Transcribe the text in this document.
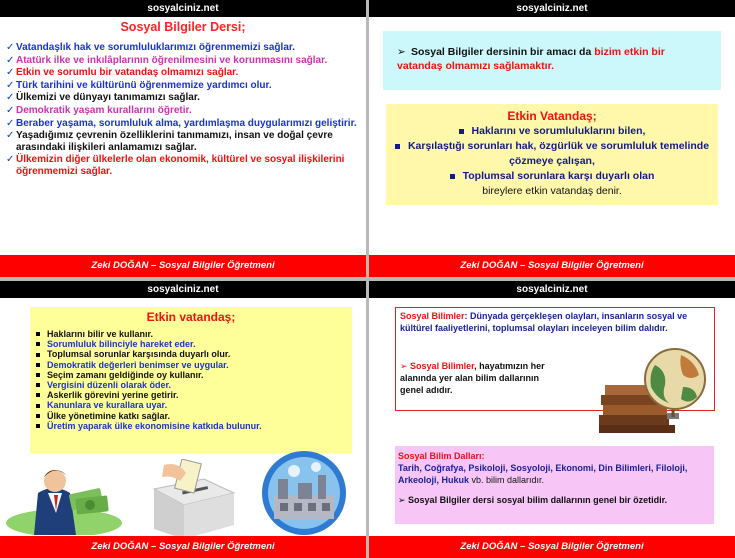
sosyalciniz.net
Sosyal Bilgiler Dersi;
✓ Vatandaşlık hak ve sorumluluklarımızı öğrenmemizi sağlar.
✓ Atatürk ilke ve inkılâplarının öğrenilmesini ve korunmasını sağlar.
✓ Etkin ve sorumlu bir vatandaş olmamızı sağlar.
✓ Türk tarihini ve kültürünü öğrenmemize yardımcı olur.
✓ Ülkemizi ve dünyayı tanımamızı sağlar.
✓ Demokratik yaşam kurallarını öğretir.
✓ Beraber yaşama, sorumluluk alma, yardımlaşma duygularımızı geliştirir.
✓ Yaşadığımız çevrenin özelliklerini tanımamızı, insan ve doğal çevre arasındaki ilişkileri anlamamızı sağlar.
✓ Ülkemizin diğer ülkelerle olan ekonomik, kültürel ve sosyal ilişkilerini öğrenmemizi sağlar.
Zeki DOĞAN – Sosyal Bilgiler Öğretmeni
sosyalciniz.net
➢ Sosyal Bilgiler dersinin bir amacı da bizim etkin bir vatandaş olmamızı sağlamaktır.
Etkin Vatandaş;
Haklarını ve sorumluluklarını bilen,
Karşılaştığı sorunları hak, özgürlük ve sorumluluk temelinde çözmeye çalışan,
Toplumsal sorunlara karşı duyarlı olan
bireylere etkin vatandaş denir.
Zeki DOĞAN – Sosyal Bilgiler Öğretmeni
sosyalciniz.net
Etkin vatandaş;
Haklarını bilir ve kullanır.
Sorumluluk bilinciyle hareket eder.
Toplumsal sorunlar karşısında duyarlı olur.
Demokratik değerleri benimser ve uygular.
Seçim zamanı geldiğinde oy kullanır.
Vergisini düzenli olarak öder.
Askerlik görevini yerine getirir.
Kanunlara ve kurallara uyar.
Ülke yönetimine katkı sağlar.
Üretim yaparak ülke ekonomisine katkıda bulunur.
Zeki DOĞAN – Sosyal Bilgiler Öğretmeni
sosyalciniz.net
Sosyal Bilimler: Dünyada gerçekleşen olayları, insanların sosyal ve kültürel faaliyetlerini, toplumsal olayları inceleyen bilim dalıdır.
➢ Sosyal Bilimler, hayatımızın her alanında yer alan bilim dallarının genel adıdır.
Sosyal Bilim Dalları:
Tarih, Coğrafya, Psikoloji, Sosyoloji, Ekonomi, Din Bilimleri, Filoloji, Arkeoloji, Hukuk vb. bilim dallarıdır.
➢ Sosyal Bilgiler dersi sosyal bilim dallarının genel bir özetidir.
Zeki DOĞAN – Sosyal Bilgiler Öğretmeni
